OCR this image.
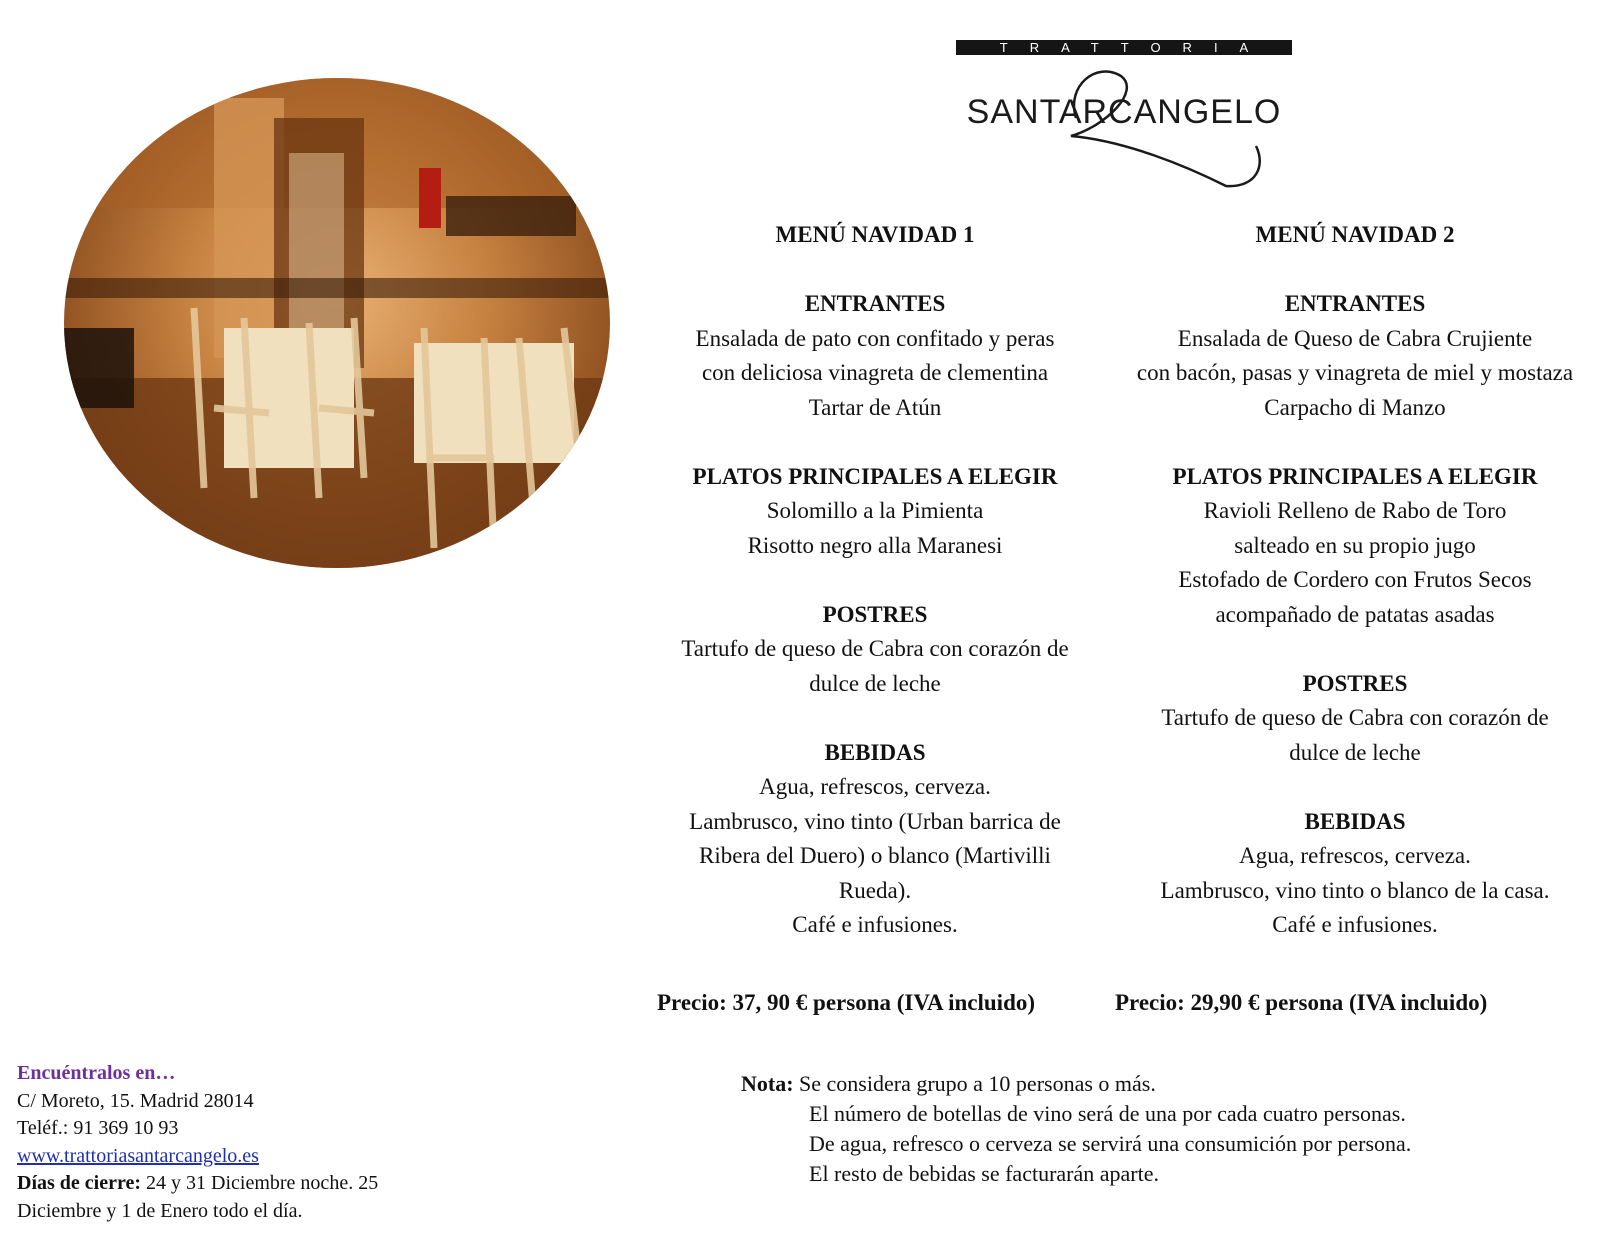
TRATTORIA
SANTARCANGELO
MENÚ NAVIDAD 1
ENTRANTES
Ensalada de pato con confitado y peras
con deliciosa vinagreta de clementina
Tartar de Atún
PLATOS PRINCIPALES A ELEGIR
Solomillo a la Pimienta
Risotto negro alla Maranesi
POSTRES
Tartufo de queso de Cabra con corazón de
dulce de leche
BEBIDAS
Agua, refrescos, cerveza.
Lambrusco, vino tinto (Urban barrica de
Ribera del Duero) o blanco (Martivilli
Rueda).
Café e infusiones.
MENÚ NAVIDAD 2
ENTRANTES
Ensalada de Queso de Cabra Crujiente
con bacón, pasas y vinagreta de miel y mostaza
Carpacho di Manzo
PLATOS PRINCIPALES A ELEGIR
Ravioli Relleno de Rabo de Toro
salteado en su propio jugo
Estofado de Cordero con Frutos Secos
acompañado de patatas asadas
POSTRES
Tartufo de queso de Cabra con corazón de
dulce de leche
BEBIDAS
Agua, refrescos, cerveza.
Lambrusco, vino tinto o blanco de la casa.
Café e infusiones.
Precio: 37, 90 € persona (IVA incluido)	Precio: 29,90 € persona (IVA incluido)
Encuéntralos en…
C/ Moreto, 15. Madrid 28014
Teléf.: 91 369 10 93
www.trattoriasantarcangelo.es
Días de cierre: 24 y 31 Diciembre noche. 25
Diciembre y 1 de Enero todo el día.
Nota: Se considera grupo a 10 personas o más.
El número de botellas de vino será de una por cada cuatro personas.
De agua, refresco o cerveza se servirá una consumición por persona.
El resto de bebidas se facturarán aparte.
